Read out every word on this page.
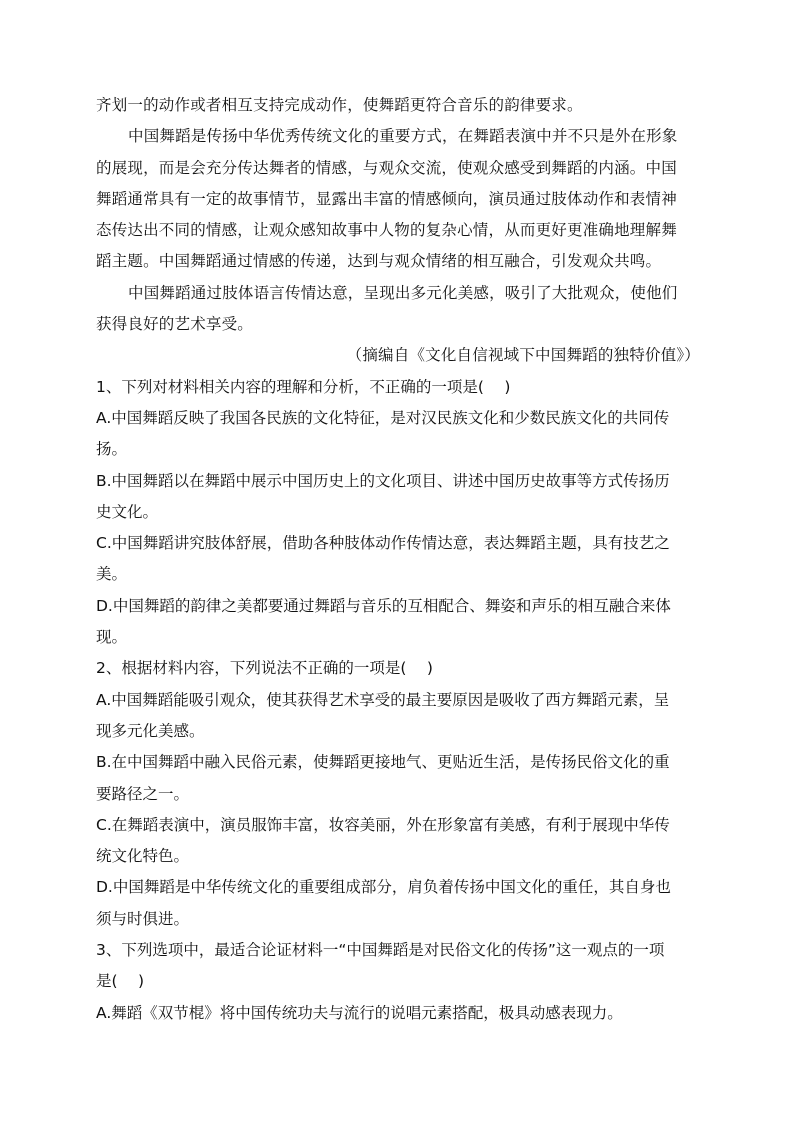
齐划一的动作或者相互支持完成动作，使舞蹈更符合音乐的韵律要求。
中国舞蹈是传扬中华优秀传统文化的重要方式，在舞蹈表演中并不只是外在形象
的展现，而是会充分传达舞者的情感，与观众交流，使观众感受到舞蹈的内涵。中国
舞蹈通常具有一定的故事情节，显露出丰富的情感倾向，演员通过肢体动作和表情神
态传达出不同的情感，让观众感知故事中人物的复杂心情，从而更好更准确地理解舞
蹈主题。中国舞蹈通过情感的传递，达到与观众情绪的相互融合，引发观众共鸣。
中国舞蹈通过肢体语言传情达意，呈现出多元化美感，吸引了大批观众，使他们
获得良好的艺术享受。
（摘编自《文化自信视域下中国舞蹈的独特价值》）
1、下列对材料相关内容的理解和分析，不正确的一项是(　 )
A.中国舞蹈反映了我国各民族的文化特征，是对汉民族文化和少数民族文化的共同传
扬。
B.中国舞蹈以在舞蹈中展示中国历史上的文化项目、讲述中国历史故事等方式传扬历
史文化。
C.中国舞蹈讲究肢体舒展，借助各种肢体动作传情达意，表达舞蹈主题，具有技艺之
美。
D.中国舞蹈的韵律之美都要通过舞蹈与音乐的互相配合、舞姿和声乐的相互融合来体
现。
2、根据材料内容，下列说法不正确的一项是(　 )
A.中国舞蹈能吸引观众，使其获得艺术享受的最主要原因是吸收了西方舞蹈元素，呈
现多元化美感。
B.在中国舞蹈中融入民俗元素，使舞蹈更接地气、更贴近生活，是传扬民俗文化的重
要路径之一。
C.在舞蹈表演中，演员服饰丰富，妆容美丽，外在形象富有美感，有利于展现中华传
统文化特色。
D.中国舞蹈是中华传统文化的重要组成部分，肩负着传扬中国文化的重任，其自身也
须与时俱进。
3、下列选项中，最适合论证材料一“中国舞蹈是对民俗文化的传扬”这一观点的一项
是(　 )
A.舞蹈《双节棍》将中国传统功夫与流行的说唱元素搭配，极具动感表现力。
